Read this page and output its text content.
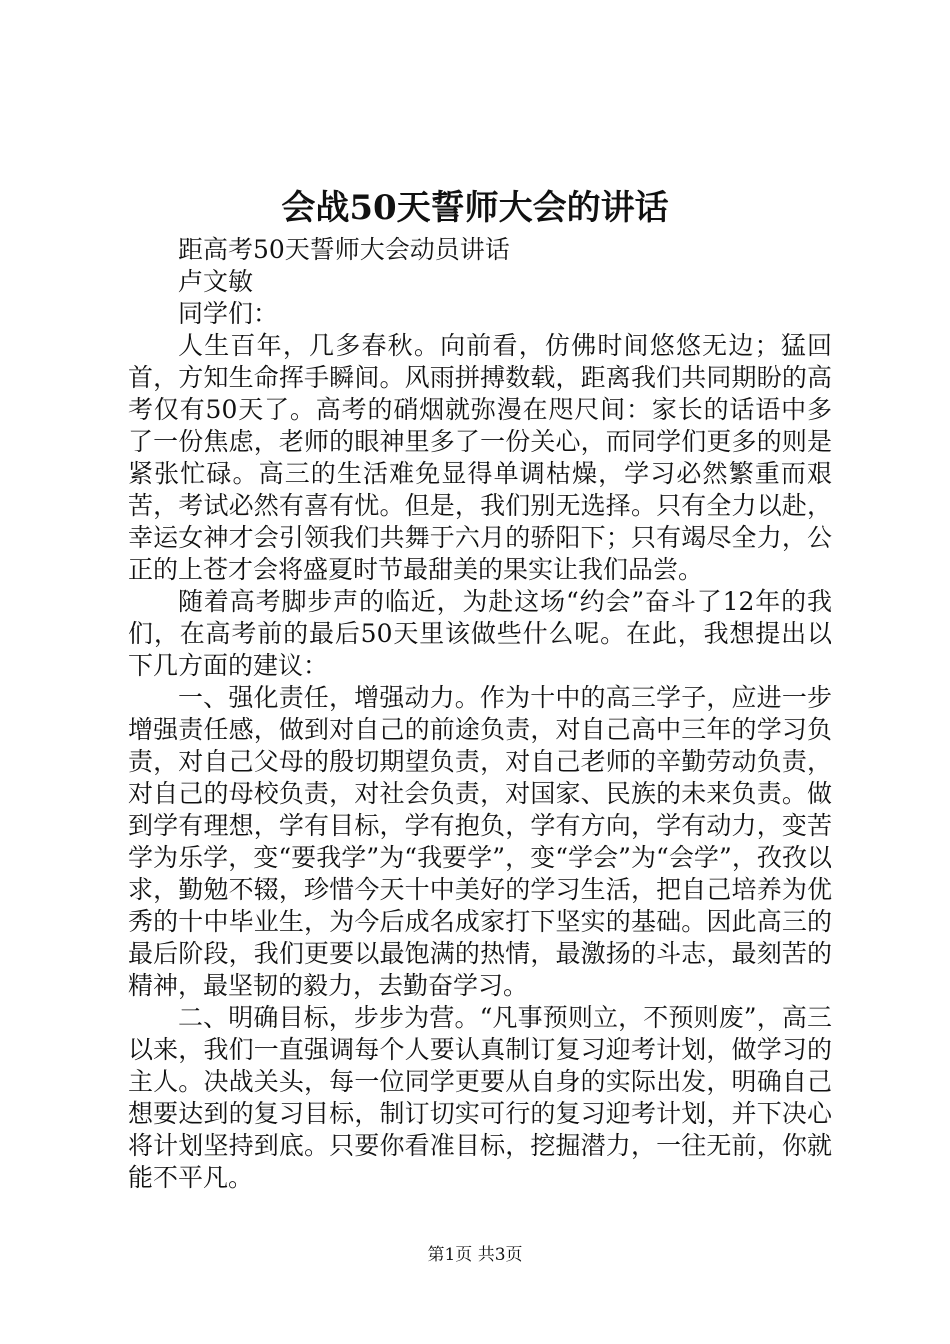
会战50天誓师大会的讲话

距高考50天誓师大会动员讲话

卢文敏

同学们：

人生百年，几多春秋。向前看，仿佛时间悠悠无边；猛回首，方知生命挥手瞬间。风雨拼搏数载，距离我们共同期盼的高考仅有50天了。高考的硝烟就弥漫在咫尺间：家长的话语中多了一份焦虑，老师的眼神里多了一份关心，而同学们更多的则是紧张忙碌。高三的生活难免显得单调枯燥，学习必然繁重而艰苦，考试必然有喜有忧。但是，我们别无选择。只有全力以赴，幸运女神才会引领我们共舞于六月的骄阳下；只有竭尽全力，公正的上苍才会将盛夏时节最甜美的果实让我们品尝。

随着高考脚步声的临近，为赴这场“约会”奋斗了12年的我们，在高考前的最后50天里该做些什么呢。在此，我想提出以下几方面的建议：

一、强化责任，增强动力。作为十中的高三学子，应进一步增强责任感，做到对自己的前途负责，对自己高中三年的学习负责，对自己父母的殷切期望负责，对自己老师的辛勤劳动负责，对自己的母校负责，对社会负责，对国家、民族的未来负责。做到学有理想，学有目标，学有抱负，学有方向，学有动力，变苦学为乐学，变“要我学”为“我要学”，变“学会”为“会学”，孜孜以求，勤勉不辍，珍惜今天十中美好的学习生活，把自己培养为优秀的十中毕业生，为今后成名成家打下坚实的基础。因此高三的最后阶段，我们更要以最饱满的热情，最激扬的斗志，最刻苦的精神，最坚韧的毅力，去勤奋学习。

二、明确目标，步步为营。“凡事预则立，不预则废”，高三以来，我们一直强调每个人要认真制订复习迎考计划，做学习的主人。决战关头，每一位同学更要从自身的实际出发，明确自己想要达到的复习目标，制订切实可行的复习迎考计划，并下决心将计划坚持到底。只要你看准目标，挖掘潜力，一往无前，你就能不平凡。

第1页 共3页
